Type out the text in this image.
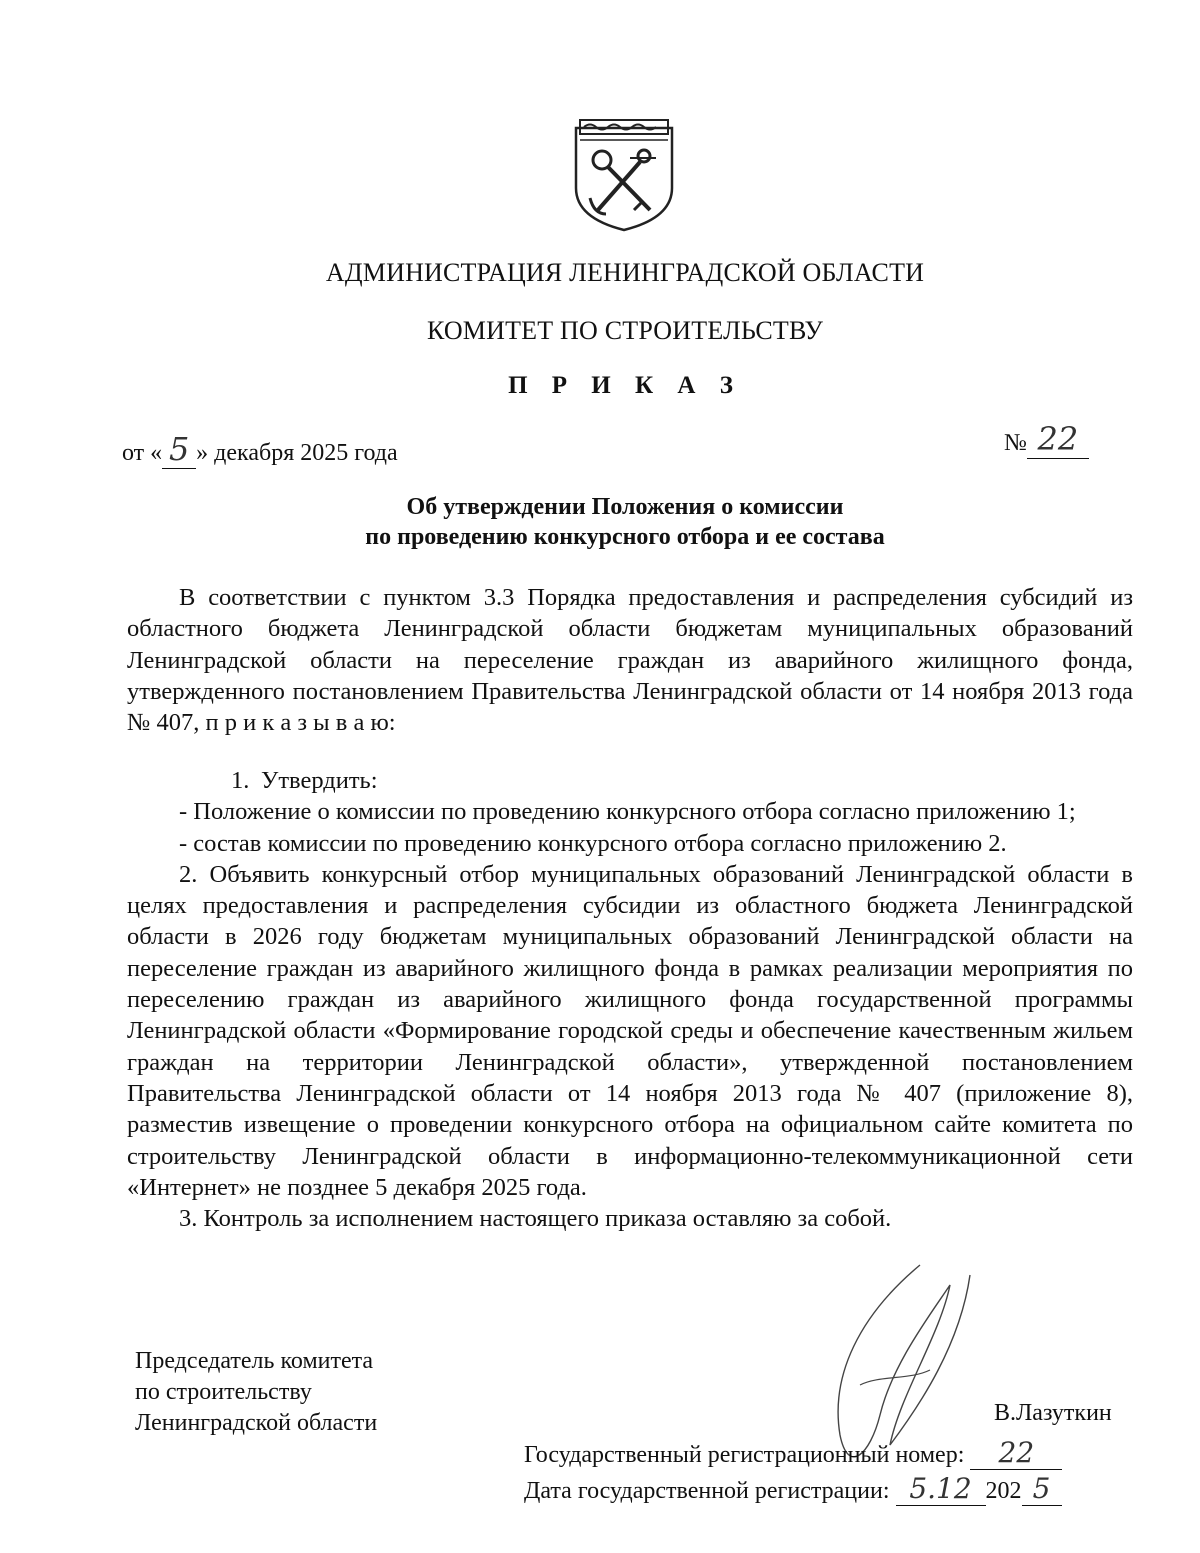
АДМИНИСТРАЦИЯ ЛЕНИНГРАДСКОЙ ОБЛАСТИ
КОМИТЕТ ПО СТРОИТЕЛЬСТВУ
П Р И К А З
от « 5 » декабря 2025 года	№ 22
Об утверждении Положения о комиссии
по проведению конкурсного отбора и ее состава

В соответствии с пунктом 3.3 Порядка предоставления и распределения субсидий из областного бюджета Ленинградской области бюджетам муниципальных образований Ленинградской области на переселение граждан из аварийного жилищного фонда, утвержденного постановлением Правительства Ленинградской области от 14 ноября 2013 года № 407, п р и к а з ы в а ю:

1. Утвердить:

- Положение о комиссии по проведению конкурсного отбора согласно приложению 1;

- состав комиссии по проведению конкурсного отбора согласно приложению 2.

2. Объявить конкурсный отбор муниципальных образований Ленинградской области в целях предоставления и распределения субсидии из областного бюджета Ленинградской области в 2026 году бюджетам муниципальных образований Ленинградской области на переселение граждан из аварийного жилищного фонда в рамках реализации мероприятия по переселению граждан из аварийного жилищного фонда государственной программы Ленинградской области «Формирование городской среды и обеспечение качественным жильем граждан на территории Ленинградской области», утвержденной постановлением Правительства Ленинградской области от 14 ноября 2013 года № 407 (приложение 8), разместив извещение о проведении конкурсного отбора на официальном сайте комитета по строительству Ленинградской области в информационно-телекоммуникационной сети «Интернет» не позднее 5 декабря 2025 года.

3. Контроль за исполнением настоящего приказа оставляю за собой.

Председатель комитета
по строительству
Ленинградской области	В.Лазуткин
Государственный регистрационный номер: 22
Дата государственной регистрации: 5.12 202 5
